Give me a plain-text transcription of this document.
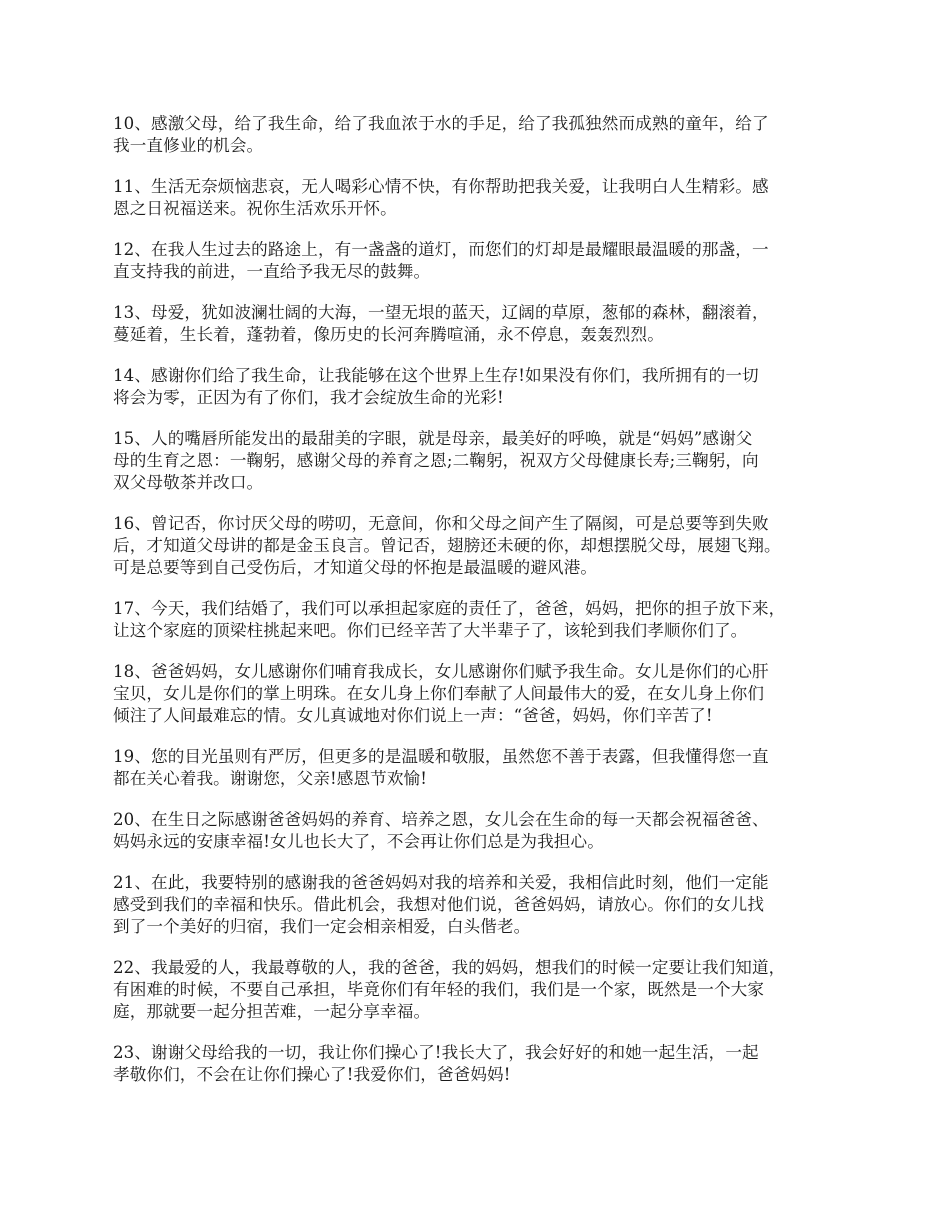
10、感激父母，给了我生命，给了我血浓于水的手足，给了我孤独然而成熟的童年，给了
我一直修业的机会。
11、生活无奈烦恼悲哀，无人喝彩心情不快，有你帮助把我关爱，让我明白人生精彩。感
恩之日祝福送来。祝你生活欢乐开怀。
12、在我人生过去的路途上，有一盏盏的道灯，而您们的灯却是最耀眼最温暖的那盏，一
直支持我的前进，一直给予我无尽的鼓舞。
13、母爱，犹如波澜壮阔的大海，一望无垠的蓝天，辽阔的草原，葱郁的森林，翻滚着，
蔓延着，生长着，蓬勃着，像历史的长河奔腾喧涌，永不停息，轰轰烈烈。
14、感谢你们给了我生命，让我能够在这个世界上生存!如果没有你们，我所拥有的一切
将会为零，正因为有了你们，我才会绽放生命的光彩!
15、人的嘴唇所能发出的最甜美的字眼，就是母亲，最美好的呼唤，就是“妈妈”感谢父
母的生育之恩：一鞠躬，感谢父母的养育之恩;二鞠躬，祝双方父母健康长寿;三鞠躬，向
双父母敬茶并改口。
16、曾记否，你讨厌父母的唠叨，无意间，你和父母之间产生了隔阂，可是总要等到失败
后，才知道父母讲的都是金玉良言。曾记否，翅膀还未硬的你，却想摆脱父母，展翅飞翔。
可是总要等到自己受伤后，才知道父母的怀抱是最温暖的避风港。
17、今天，我们结婚了，我们可以承担起家庭的责任了，爸爸，妈妈，把你的担子放下来，
让这个家庭的顶梁柱挑起来吧。你们已经辛苦了大半辈子了，该轮到我们孝顺你们了。
18、爸爸妈妈，女儿感谢你们哺育我成长，女儿感谢你们赋予我生命。女儿是你们的心肝
宝贝，女儿是你们的掌上明珠。在女儿身上你们奉献了人间最伟大的爱，在女儿身上你们
倾注了人间最难忘的情。女儿真诚地对你们说上一声：“爸爸，妈妈，你们辛苦了!
19、您的目光虽则有严厉，但更多的是温暖和敬服，虽然您不善于表露，但我懂得您一直
都在关心着我。谢谢您，父亲!感恩节欢愉!
20、在生日之际感谢爸爸妈妈的养育、培养之恩，女儿会在生命的每一天都会祝福爸爸、
妈妈永远的安康幸福!女儿也长大了，不会再让你们总是为我担心。
21、在此，我要特别的感谢我的爸爸妈妈对我的培养和关爱，我相信此时刻，他们一定能
感受到我们的幸福和快乐。借此机会，我想对他们说，爸爸妈妈，请放心。你们的女儿找
到了一个美好的归宿，我们一定会相亲相爱，白头偕老。
22、我最爱的人，我最尊敬的人，我的爸爸，我的妈妈，想我们的时候一定要让我们知道，
有困难的时候，不要自己承担，毕竟你们有年轻的我们，我们是一个家，既然是一个大家
庭，那就要一起分担苦难，一起分享幸福。
23、谢谢父母给我的一切，我让你们操心了!我长大了，我会好好的和她一起生活，一起
孝敬你们，不会在让你们操心了!我爱你们，爸爸妈妈!
